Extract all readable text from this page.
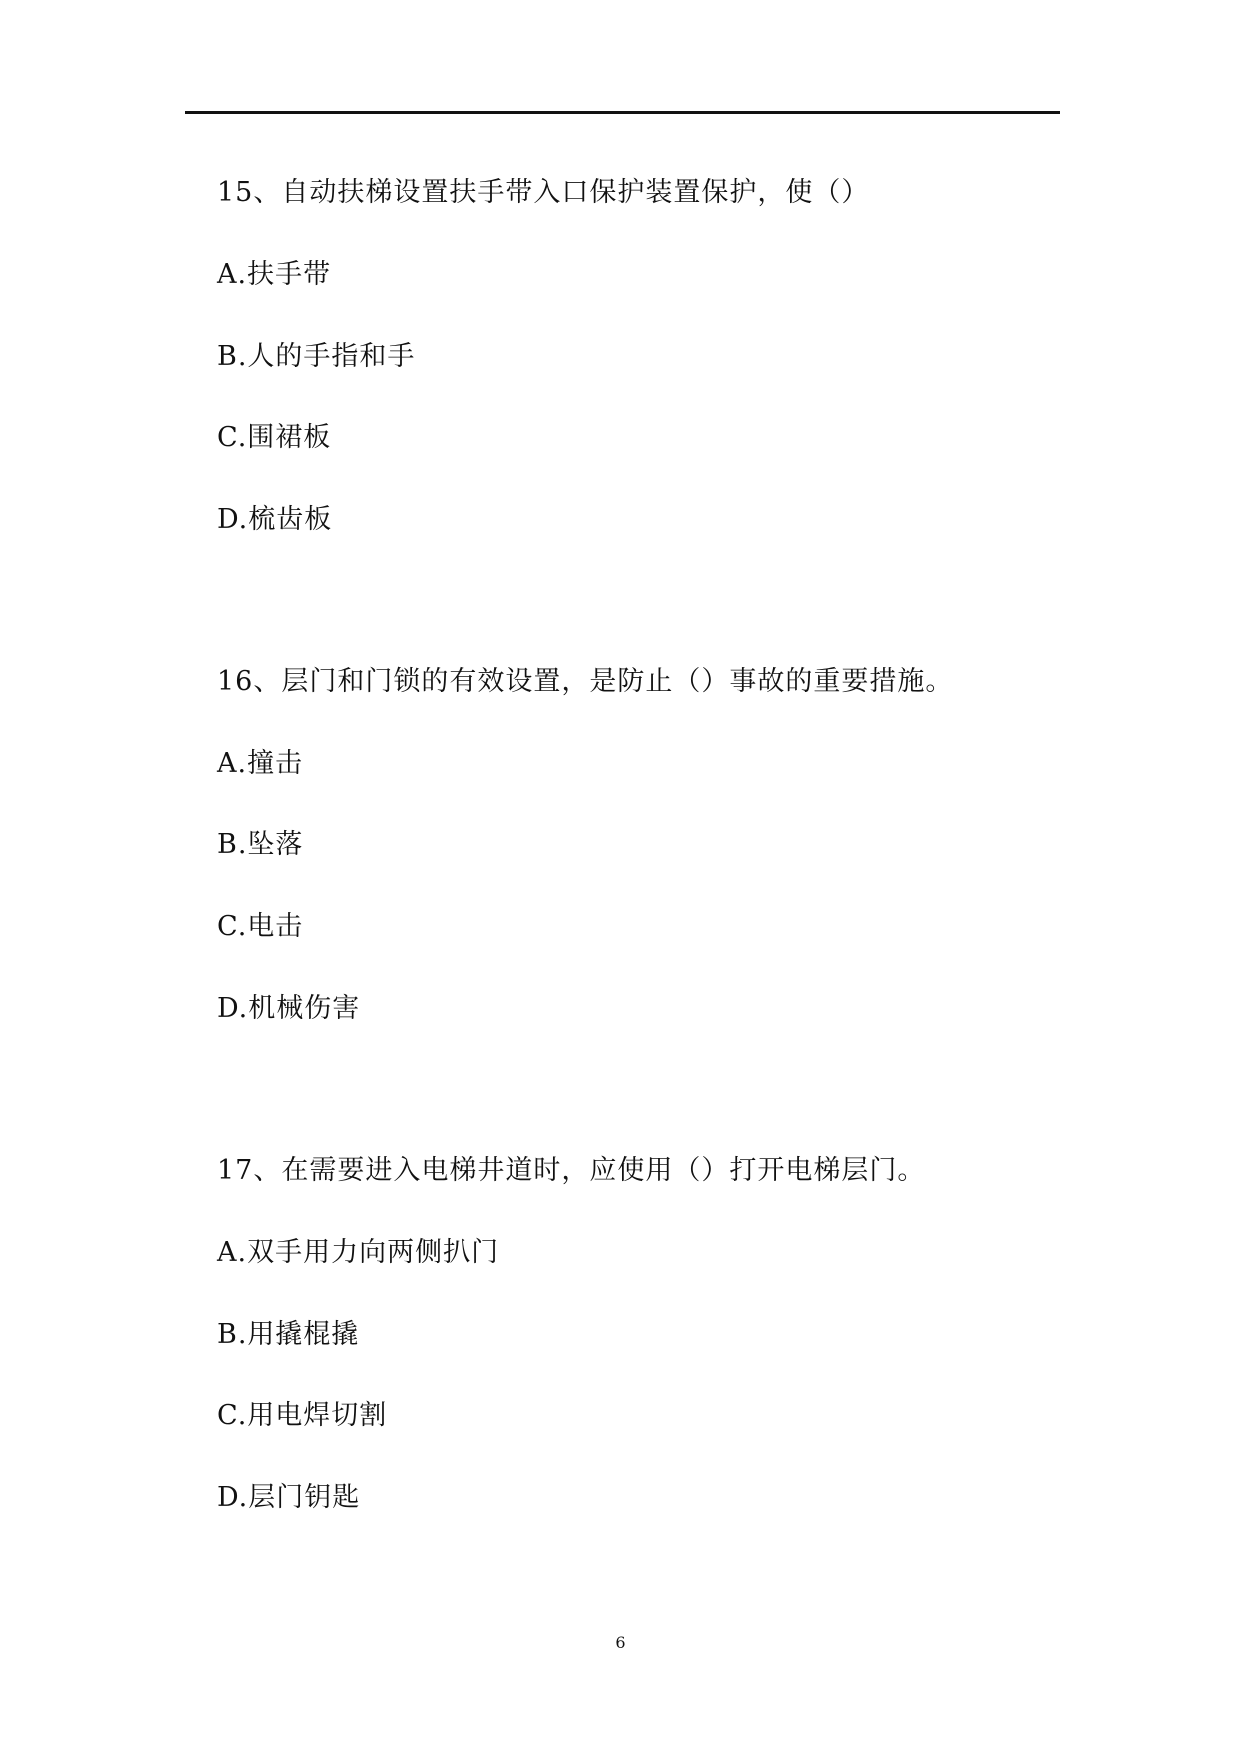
15、自动扶梯设置扶手带入口保护装置保护，使（）
A.扶手带
B.人的手指和手
C.围裙板
D.梳齿板
16、层门和门锁的有效设置，是防止（）事故的重要措施。
A.撞击
B.坠落
C.电击
D.机械伤害
17、在需要进入电梯井道时，应使用（）打开电梯层门。
A.双手用力向两侧扒门
B.用撬棍撬
C.用电焊切割
D.层门钥匙
6
